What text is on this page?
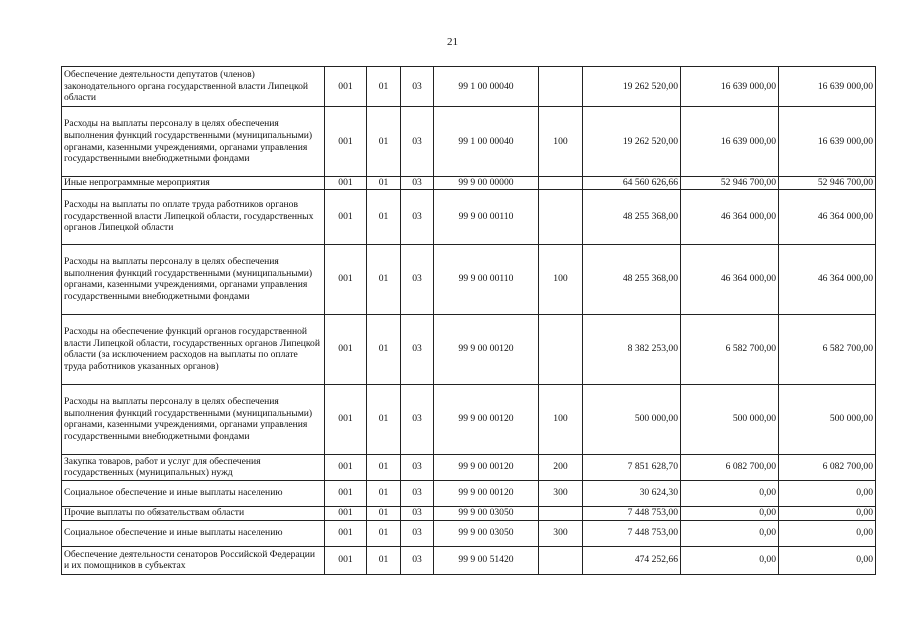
21
Обеспечение деятельности депутатов (членов) законодательного органа государственной власти Липецкой области	001	01	03	99 1 00 00040		19 262 520,00	16 639 000,00	16 639 000,00
Расходы на выплаты персоналу в целях обеспечения выполнения функций государственными (муниципальными) органами, казенными учреждениями, органами управления государственными внебюджетными фондами	001	01	03	99 1 00 00040	100	19 262 520,00	16 639 000,00	16 639 000,00
Иные непрограммные мероприятия	001	01	03	99 9 00 00000		64 560 626,66	52 946 700,00	52 946 700,00
Расходы на выплаты по оплате труда работников органов государственной власти Липецкой области, государственных органов Липецкой области	001	01	03	99 9 00 00110		48 255 368,00	46 364 000,00	46 364 000,00
Расходы на выплаты персоналу в целях обеспечения выполнения функций государственными (муниципальными) органами, казенными учреждениями, органами управления государственными внебюджетными фондами	001	01	03	99 9 00 00110	100	48 255 368,00	46 364 000,00	46 364 000,00
Расходы на обеспечение функций органов государственной власти Липецкой области, государственных органов Липецкой области (за исключением расходов на выплаты по оплате труда работников указанных органов)	001	01	03	99 9 00 00120		8 382 253,00	6 582 700,00	6 582 700,00
Расходы на выплаты персоналу в целях обеспечения выполнения функций государственными (муниципальными) органами, казенными учреждениями, органами управления государственными внебюджетными фондами	001	01	03	99 9 00 00120	100	500 000,00	500 000,00	500 000,00
Закупка товаров, работ и услуг для обеспечения государственных (муниципальных) нужд	001	01	03	99 9 00 00120	200	7 851 628,70	6 082 700,00	6 082 700,00
Социальное обеспечение и иные выплаты населению	001	01	03	99 9 00 00120	300	30 624,30	0,00	0,00
Прочие выплаты по обязательствам области	001	01	03	99 9 00 03050		7 448 753,00	0,00	0,00
Социальное обеспечение и иные выплаты населению	001	01	03	99 9 00 03050	300	7 448 753,00	0,00	0,00
Обеспечение деятельности сенаторов Российской Федерации и их помощников в субъектах	001	01	03	99 9 00 51420		474 252,66	0,00	0,00
